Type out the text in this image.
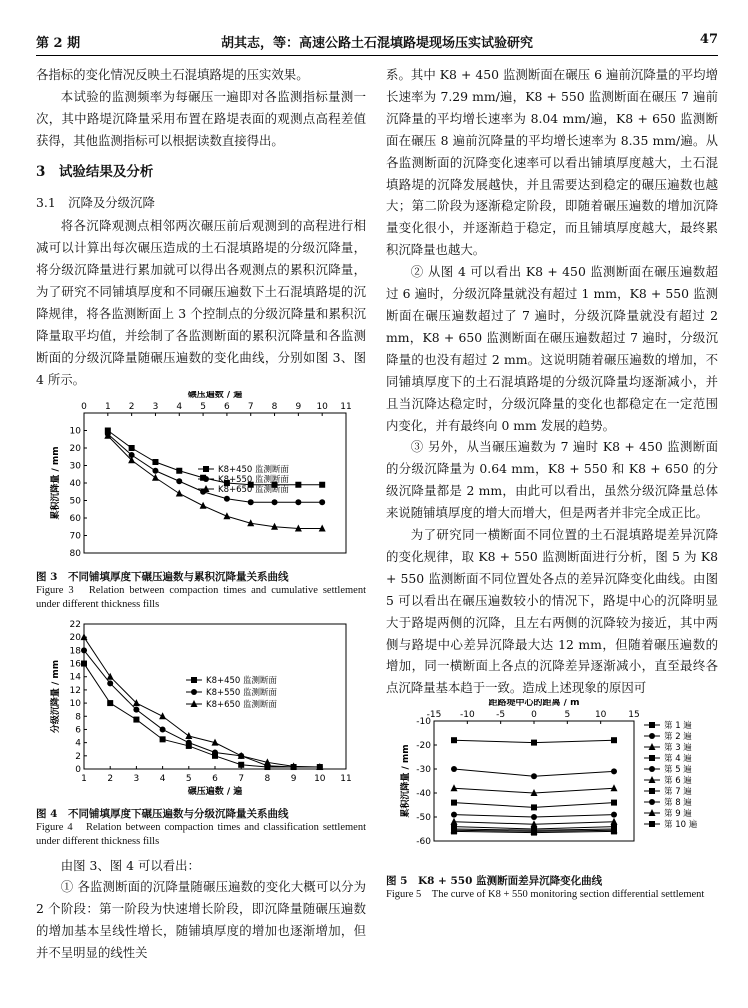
第 2 期	胡其志，等：高速公路土石混填路堤现场压实试验研究	47

各指标的变化情况反映土石混填路堤的压实效果。

本试验的监测频率为每碾压一遍即对各监测指标量测一次，其中路堤沉降量采用布置在路堤表面的观测点高程差值获得，其他监测指标可以根据读数直接得出。

3　试验结果及分析

3.1　沉降及分级沉降

将各沉降观测点相邻两次碾压前后观测到的高程进行相减可以计算出每次碾压造成的土石混填路堤的分级沉降量，将分级沉降量进行累加就可以得出各观测点的累积沉降量，为了研究不同铺填厚度和不同碾压遍数下土石混填路堤的沉降规律，将各监测断面上 3 个控制点的分级沉降量和累积沉降量取平均值，并绘制了各监测断面的累积沉降量和各监测断面的分级沉降量随碾压遍数的变化曲线，分别如图 3、图 4 所示。

0 1 2 3 4 5 6 7 8 9 10 11
10
20
30
40
50
60
70
80
碾压遍数 / 遍
累积沉降量 / mm	K8+450 监测断面
K8+550 监测断面
K8+650 监测断面
图 3　不同铺填厚度下碾压遍数与累积沉降量关系曲线
Figure 3　Relation between compaction times and cumulative settlement under different thickness fills
1 2 3 4 5 6 7 8 9 10 11
0
2
4
6
8
10
12
14
16
18
20
22
碾压遍数 / 遍
分级沉降量 / mm	K8+450 监测断面
K8+550 监测断面
K8+650 监测断面
图 4　不同铺填厚度下碾压遍数与分级沉降量关系曲线
Figure 4　Relation between compaction times and classification settlement under different thickness fills

由图 3、图 4 可以看出：

① 各监测断面的沉降量随碾压遍数的变化大概可以分为 2 个阶段：第一阶段为快速增长阶段，即沉降量随碾压遍数的增加基本呈线性增长，随铺填厚度的增加也逐渐增加，但并不呈明显的线性关

系。其中 K8 + 450 监测断面在碾压 6 遍前沉降量的平均增长速率为 7.29 mm/遍，K8 + 550 监测断面在碾压 7 遍前沉降量的平均增长速率为 8.04 mm/遍，K8 + 650 监测断面在碾压 8 遍前沉降量的平均增长速率为 8.35 mm/遍。从各监测断面的沉降变化速率可以看出铺填厚度越大，土石混填路堤的沉降发展越快，并且需要达到稳定的碾压遍数也越大；第二阶段为逐渐稳定阶段，即随着碾压遍数的增加沉降量变化很小，并逐渐趋于稳定，而且铺填厚度越大，最终累积沉降量也越大。

② 从图 4 可以看出 K8 + 450 监测断面在碾压遍数超过 6 遍时，分级沉降量就没有超过 1 mm，K8 + 550 监测断面在碾压遍数超过了 7 遍时，分级沉降量就没有超过 2 mm，K8 + 650 监测断面在碾压遍数超过 7 遍时，分级沉降量的也没有超过 2 mm。这说明随着碾压遍数的增加，不同铺填厚度下的土石混填路堤的分级沉降量均逐渐减小，并且当沉降达稳定时，分级沉降量的变化也都稳定在一定范围内变化，并有最终向 0 mm 发展的趋势。

③ 另外，从当碾压遍数为 7 遍时 K8 + 450 监测断面的分级沉降量为 0.64 mm，K8 + 550 和 K8 + 650 的分级沉降量都是 2 mm，由此可以看出，虽然分级沉降量总体来说随铺填厚度的增大而增大，但是两者并非完全成正比。

为了研究同一横断面不同位置的土石混填路堤差异沉降的变化规律，取 K8 + 550 监测断面进行分析，图 5 为 K8 + 550 监测断面不同位置处各点的差异沉降变化曲线。由图 5 可以看出在碾压遍数较小的情况下，路堤中心的沉降明显大于路堤两侧的沉降，且左右两侧的沉降较为接近，其中两侧与路堤中心差异沉降最大达 12 mm，但随着碾压遍数的增加，同一横断面上各点的沉降差异逐渐减小，直至最终各点沉降量基本趋于一致。造成上述现象的原因可

-15 -10 -5	0	5	10 15
-10
-20
-30
-40
-50
-60
距路堤中心的距离 / m
累积沉降量 / mm
第 1 遍
第 2 遍
第 3 遍
第 4 遍
第 5 遍
第 6 遍
第 7 遍
第 8 遍
第 9 遍
第 10 遍
图 5　K8 + 550 监测断面差异沉降变化曲线
Figure 5　The curve of K8 + 550 monitoring section differential settlement
